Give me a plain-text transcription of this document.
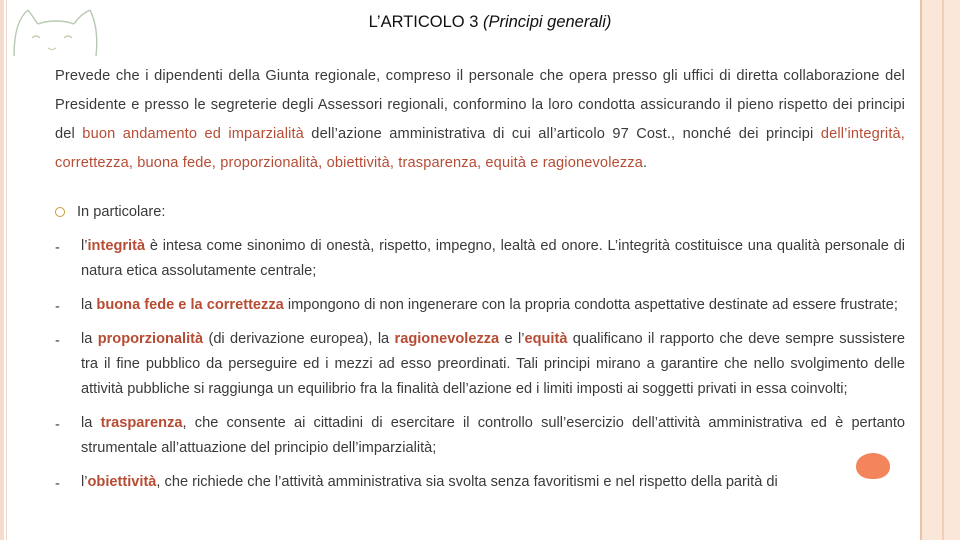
L’ARTICOLO 3 (Principi generali)
Prevede che i dipendenti della Giunta regionale, compreso il personale che opera presso gli uffici di diretta collaborazione del Presidente e presso le segreterie degli Assessori regionali, conformino la loro condotta assicurando il pieno rispetto dei principi del buon andamento ed imparzialità dell’azione amministrativa di cui all’articolo 97 Cost., nonché dei principi dell’integrità, correttezza, buona fede, proporzionalità, obiettività, trasparenza, equità e ragionevolezza.
In particolare:
- l’integrità è intesa come sinonimo di onestà, rispetto, impegno, lealtà ed onore. L’integrità costituisce una qualità personale di natura etica assolutamente centrale;
- la buona fede e la correttezza impongono di non ingenerare con la propria condotta aspettative destinate ad essere frustrate;
- la proporzionalità (di derivazione europea), la ragionevolezza e l’equità qualificano il rapporto che deve sempre sussistere tra il fine pubblico da perseguire ed i mezzi ad esso preordinati. Tali principi mirano a garantire che nello svolgimento delle attività pubbliche si raggiunga un equilibrio fra la finalità dell’azione ed i limiti imposti ai soggetti privati in essa coinvolti;
- la trasparenza, che consente ai cittadini di esercitare il controllo sull’esercizio dell’attività amministrativa ed è pertanto strumentale all’attuazione del principio dell’imparzialità;
- l’obiettività, che richiede che l’attività amministrativa sia svolta senza favoritismi e nel rispetto della parità di
